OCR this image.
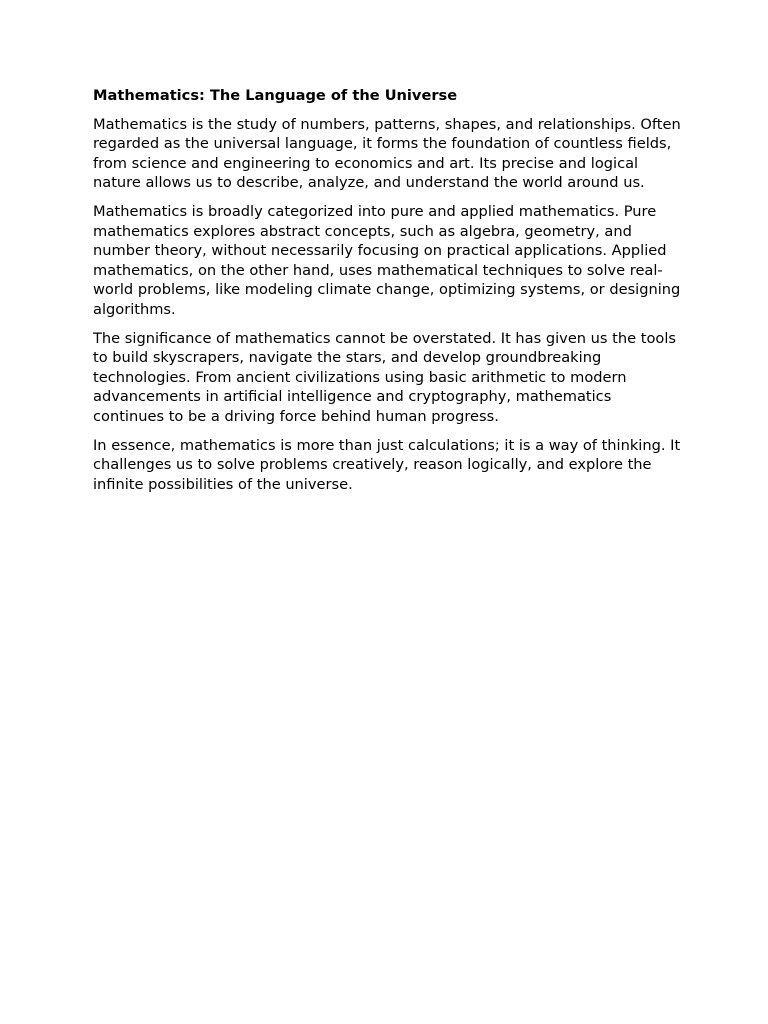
Mathematics: The Language of the Universe

Mathematics is the study of numbers, patterns, shapes, and relationships. Often regarded as the universal language, it forms the foundation of countless fields, from science and engineering to economics and art. Its precise and logical nature allows us to describe, analyze, and understand the world around us.

Mathematics is broadly categorized into pure and applied mathematics. Pure mathematics explores abstract concepts, such as algebra, geometry, and number theory, without necessarily focusing on practical applications. Applied mathematics, on the other hand, uses mathematical techniques to solve real-world problems, like modeling climate change, optimizing systems, or designing algorithms.

The significance of mathematics cannot be overstated. It has given us the tools to build skyscrapers, navigate the stars, and develop groundbreaking technologies. From ancient civilizations using basic arithmetic to modern advancements in artificial intelligence and cryptography, mathematics continues to be a driving force behind human progress.

In essence, mathematics is more than just calculations; it is a way of thinking. It challenges us to solve problems creatively, reason logically, and explore the infinite possibilities of the universe.
